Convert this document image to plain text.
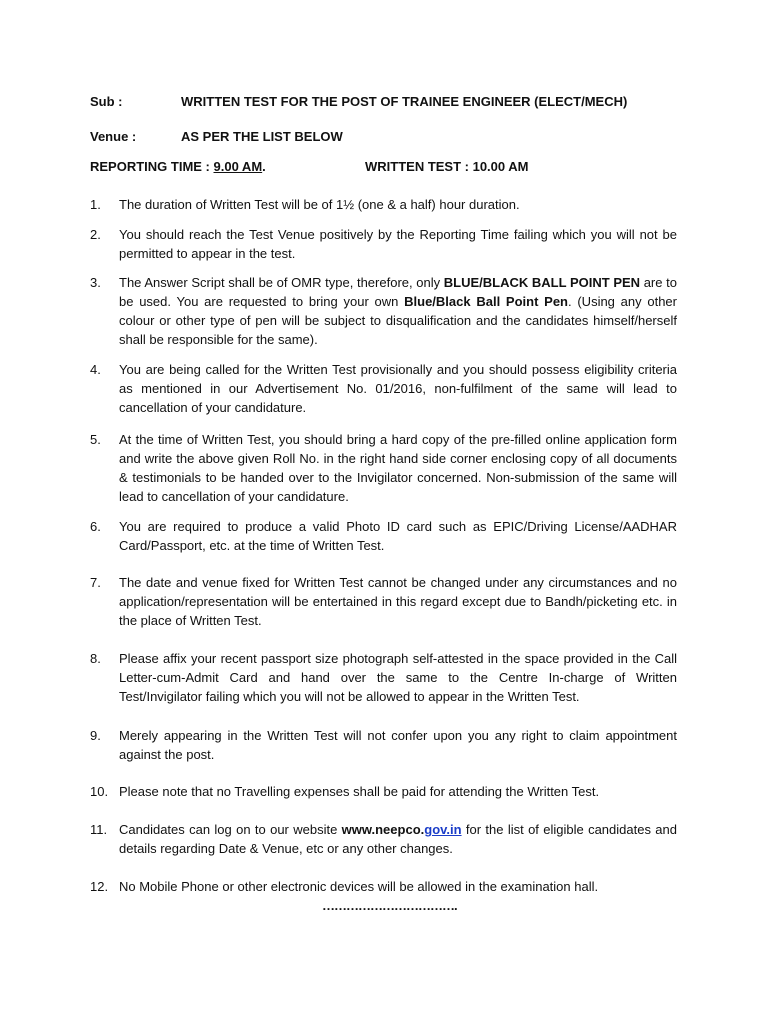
Sub :	WRITTEN TEST FOR THE POST OF TRAINEE ENGINEER (ELECT/MECH)
Venue :	AS PER THE LIST BELOW
REPORTING TIME : 9.00 AM.	WRITTEN TEST : 10.00 AM
1. The duration of Written Test will be of 1½ (one & a half) hour duration.
2. You should reach the Test Venue positively by the Reporting Time failing which you will not be permitted to appear in the test.
3. The Answer Script shall be of OMR type, therefore, only BLUE/BLACK BALL POINT PEN are to be used. You are requested to bring your own Blue/Black Ball Point Pen. (Using any other colour or other type of pen will be subject to disqualification and the candidates himself/herself shall be responsible for the same).
4. You are being called for the Written Test provisionally and you should possess eligibility criteria as mentioned in our Advertisement No. 01/2016, non-fulfilment of the same will lead to cancellation of your candidature.
5. At the time of Written Test, you should bring a hard copy of the pre-filled online application form and write the above given Roll No. in the right hand side corner enclosing copy of all documents & testimonials to be handed over to the Invigilator concerned. Non-submission of the same will lead to cancellation of your candidature.
6. You are required to produce a valid Photo ID card such as EPIC/Driving License/AADHAR Card/Passport, etc. at the time of Written Test.
7. The date and venue fixed for Written Test cannot be changed under any circumstances and no application/representation will be entertained in this regard except due to Bandh/picketing etc. in the place of Written Test.
8. Please affix your recent passport size photograph self-attested in the space provided in the Call Letter-cum-Admit Card and hand over the same to the Centre In-charge of Written Test/Invigilator failing which you will not be allowed to appear in the Written Test.
9. Merely appearing in the Written Test will not confer upon you any right to claim appointment against the post.
10. Please note that no Travelling expenses shall be paid for attending the Written Test.
11. Candidates can log on to our website www.neepco.gov.in for the list of eligible candidates and details regarding Date & Venue, etc or any other changes.
12. No Mobile Phone or other electronic devices will be allowed in the examination hall.
…………………………….
